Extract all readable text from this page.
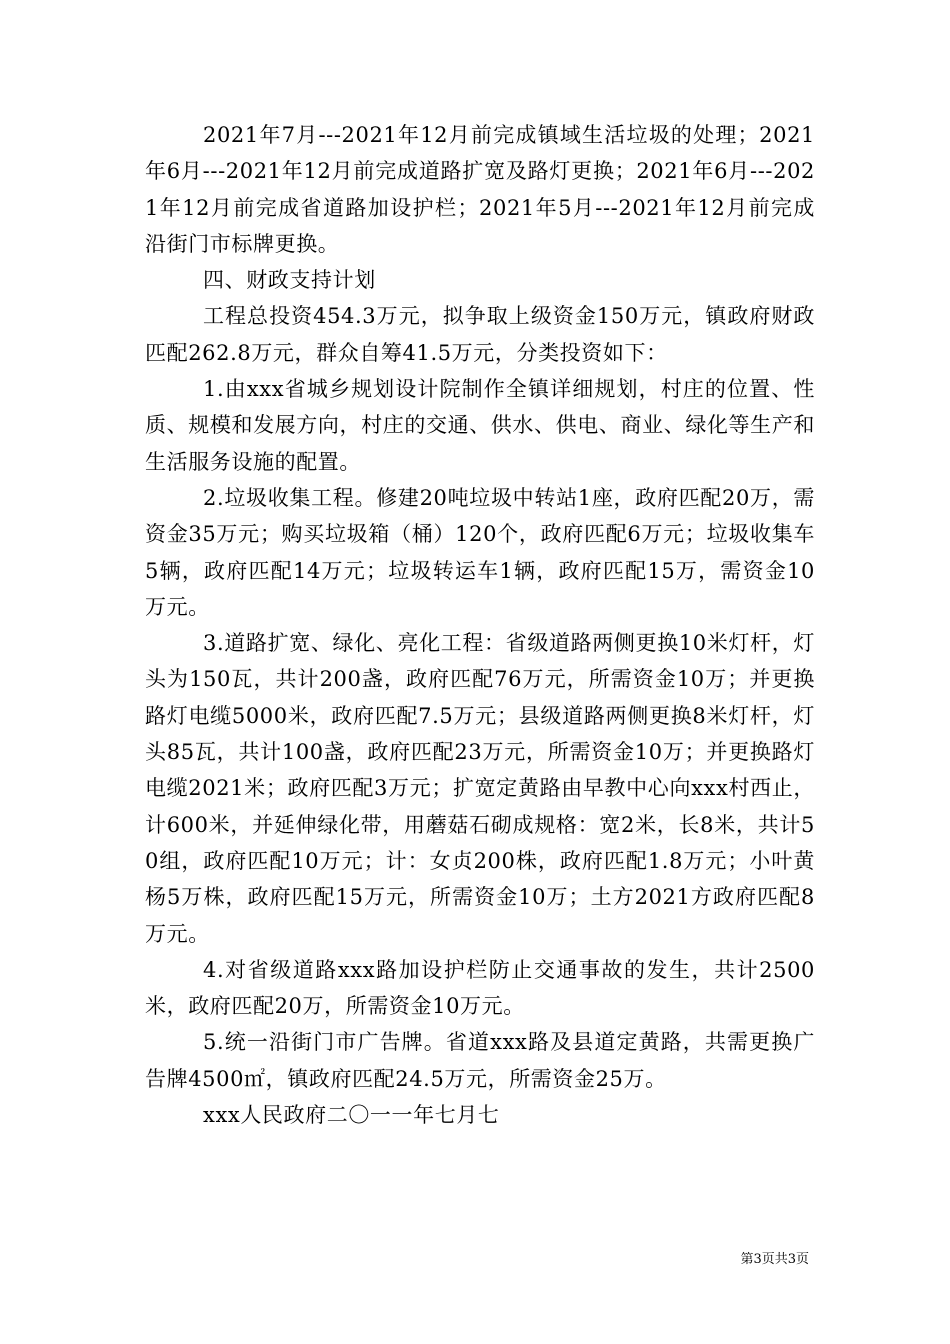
2021年7月---2021年12月前完成镇域生活垃圾的处理；2021年6月---2021年12月前完成道路扩宽及路灯更换；2021年6月---2021年12月前完成省道路加设护栏；2021年5月---2021年12月前完成沿街门市标牌更换。

四、财政支持计划

工程总投资454.3万元，拟争取上级资金150万元，镇政府财政匹配262.8万元，群众自筹41.5万元，分类投资如下：

1.由xxx省城乡规划设计院制作全镇详细规划，村庄的位置、性质、规模和发展方向，村庄的交通、供水、供电、商业、绿化等生产和生活服务设施的配置。

2.垃圾收集工程。修建20吨垃圾中转站1座，政府匹配20万，需资金35万元；购买垃圾箱（桶）120个，政府匹配6万元；垃圾收集车5辆，政府匹配14万元；垃圾转运车1辆，政府匹配15万，需资金10万元。

3.道路扩宽、绿化、亮化工程：省级道路两侧更换10米灯杆，灯头为150瓦，共计200盏，政府匹配76万元，所需资金10万；并更换路灯电缆5000米，政府匹配7.5万元；县级道路两侧更换8米灯杆，灯头85瓦，共计100盏，政府匹配23万元，所需资金10万；并更换路灯电缆2021米；政府匹配3万元；扩宽定黄路由早教中心向xxx村西止，计600米，并延伸绿化带，用蘑菇石砌成规格：宽2米，长8米，共计50组，政府匹配10万元；计：女贞200株，政府匹配1.8万元；小叶黄杨5万株，政府匹配15万元，所需资金10万；土方2021方政府匹配8万元。

4.对省级道路xxx路加设护栏防止交通事故的发生，共计2500米，政府匹配20万，所需资金10万元。

5.统一沿街门市广告牌。省道xxx路及县道定黄路，共需更换广告牌4500㎡，镇政府匹配24.5万元，所需资金25万。

xxx人民政府二〇一一年七月七

第3页共3页
